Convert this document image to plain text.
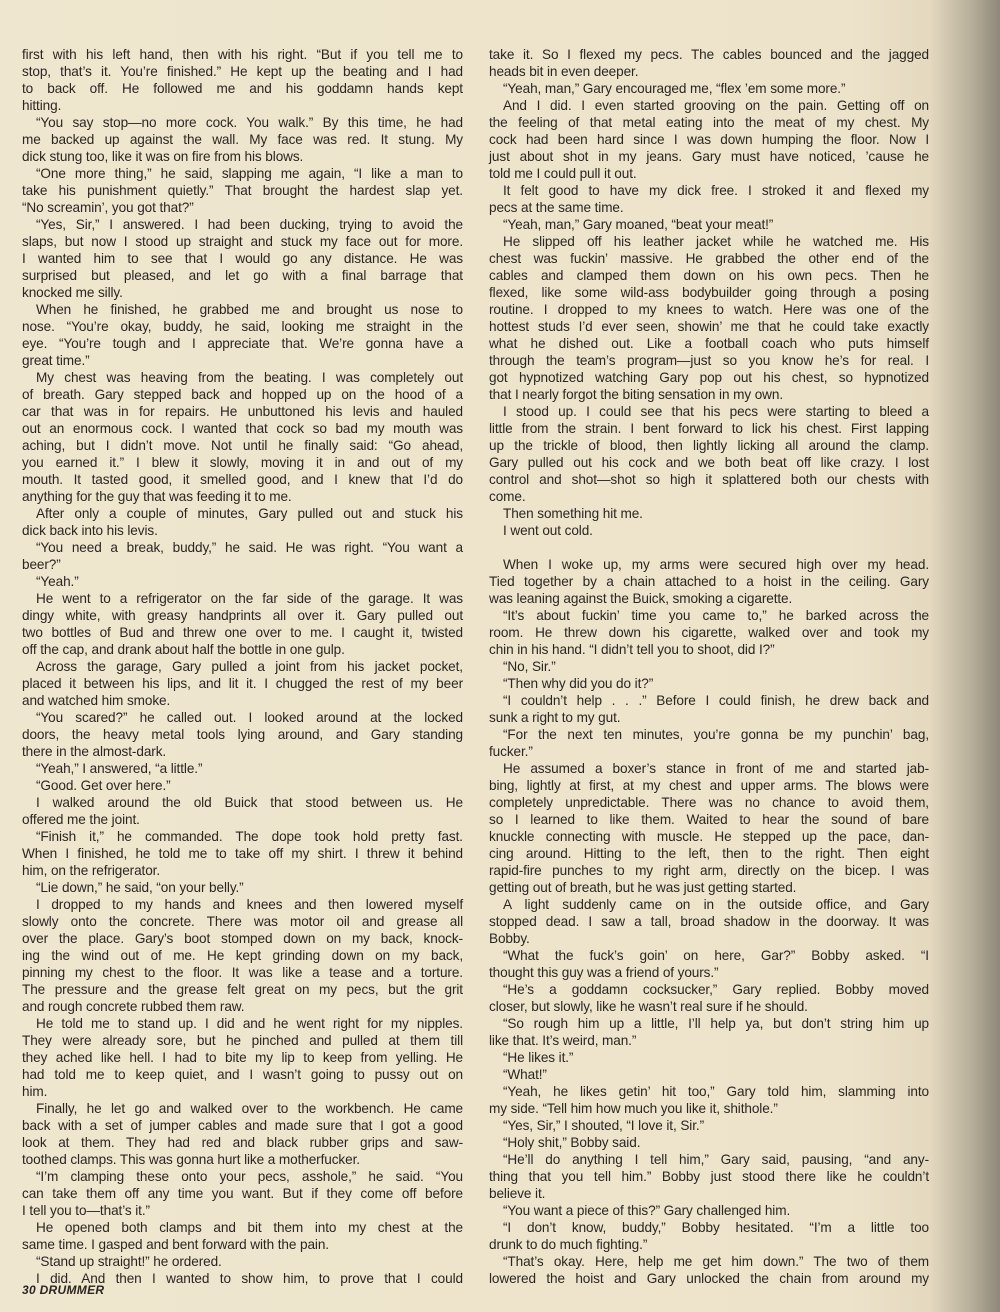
first with his left hand, then with his right. “But if you tell me to
stop, that’s it. You’re finished.” He kept up the beating and I had
to back off. He followed me and his goddamn hands kept
hitting.
“You say stop—no more cock. You walk.” By this time, he had
me backed up against the wall. My face was red. It stung. My
dick stung too, like it was on fire from his blows.
“One more thing,” he said, slapping me again, “I like a man to
take his punishment quietly.” That brought the hardest slap yet.
“No screamin’, you got that?”
“Yes, Sir,” I answered. I had been ducking, trying to avoid the
slaps, but now I stood up straight and stuck my face out for more.
I wanted him to see that I would go any distance. He was
surprised but pleased, and let go with a final barrage that
knocked me silly.
When he finished, he grabbed me and brought us nose to
nose. “You’re okay, buddy, he said, looking me straight in the
eye. “You’re tough and I appreciate that. We’re gonna have a
great time.”
My chest was heaving from the beating. I was completely out
of breath. Gary stepped back and hopped up on the hood of a
car that was in for repairs. He unbuttoned his levis and hauled
out an enormous cock. I wanted that cock so bad my mouth was
aching, but I didn’t move. Not until he finally said: “Go ahead,
you earned it.” I blew it slowly, moving it in and out of my
mouth. It tasted good, it smelled good, and I knew that I’d do
anything for the guy that was feeding it to me.
After only a couple of minutes, Gary pulled out and stuck his
dick back into his levis.
“You need a break, buddy,” he said. He was right. “You want a
beer?”
“Yeah.”
He went to a refrigerator on the far side of the garage. It was
dingy white, with greasy handprints all over it. Gary pulled out
two bottles of Bud and threw one over to me. I caught it, twisted
off the cap, and drank about half the bottle in one gulp.
Across the garage, Gary pulled a joint from his jacket pocket,
placed it between his lips, and lit it. I chugged the rest of my beer
and watched him smoke.
“You scared?” he called out. I looked around at the locked
doors, the heavy metal tools lying around, and Gary standing
there in the almost-dark.
“Yeah,” I answered, “a little.”
“Good. Get over here.”
I walked around the old Buick that stood between us. He
offered me the joint.
“Finish it,” he commanded. The dope took hold pretty fast.
When I finished, he told me to take off my shirt. I threw it behind
him, on the refrigerator.
“Lie down,” he said, “on your belly.”
I dropped to my hands and knees and then lowered myself
slowly onto the concrete. There was motor oil and grease all
over the place. Gary’s boot stomped down on my back, knock-
ing the wind out of me. He kept grinding down on my back,
pinning my chest to the floor. It was like a tease and a torture.
The pressure and the grease felt great on my pecs, but the grit
and rough concrete rubbed them raw.
He told me to stand up. I did and he went right for my nipples.
They were already sore, but he pinched and pulled at them till
they ached like hell. I had to bite my lip to keep from yelling. He
had told me to keep quiet, and I wasn’t going to pussy out on
him.
Finally, he let go and walked over to the workbench. He came
back with a set of jumper cables and made sure that I got a good
look at them. They had red and black rubber grips and saw-
toothed clamps. This was gonna hurt like a motherfucker.
“I’m clamping these onto your pecs, asshole,” he said. “You
can take them off any time you want. But if they come off before
I tell you to—that’s it.”
He opened both clamps and bit them into my chest at the
same time. I gasped and bent forward with the pain.
“Stand up straight!” he ordered.
I did. And then I wanted to show him, to prove that I could
take it. So I flexed my pecs. The cables bounced and the jagged
heads bit in even deeper.
“Yeah, man,” Gary encouraged me, “flex ’em some more.”
And I did. I even started grooving on the pain. Getting off on
the feeling of that metal eating into the meat of my chest. My
cock had been hard since I was down humping the floor. Now I
just about shot in my jeans. Gary must have noticed, ’cause he
told me I could pull it out.
It felt good to have my dick free. I stroked it and flexed my
pecs at the same time.
“Yeah, man,” Gary moaned, “beat your meat!”
He slipped off his leather jacket while he watched me. His
chest was fuckin’ massive. He grabbed the other end of the
cables and clamped them down on his own pecs. Then he
flexed, like some wild-ass bodybuilder going through a posing
routine. I dropped to my knees to watch. Here was one of the
hottest studs I’d ever seen, showin’ me that he could take exactly
what he dished out. Like a football coach who puts himself
through the team’s program—just so you know he’s for real. I
got hypnotized watching Gary pop out his chest, so hypnotized
that I nearly forgot the biting sensation in my own.
I stood up. I could see that his pecs were starting to bleed a
little from the strain. I bent forward to lick his chest. First lapping
up the trickle of blood, then lightly licking all around the clamp.
Gary pulled out his cock and we both beat off like crazy. I lost
control and shot—shot so high it splattered both our chests with
come.
Then something hit me.
I went out cold.
When I woke up, my arms were secured high over my head.
Tied together by a chain attached to a hoist in the ceiling. Gary
was leaning against the Buick, smoking a cigarette.
“It’s about fuckin’ time you came to,” he barked across the
room. He threw down his cigarette, walked over and took my
chin in his hand. “I didn’t tell you to shoot, did I?”
“No, Sir.”
“Then why did you do it?”
“I couldn’t help . . .” Before I could finish, he drew back and
sunk a right to my gut.
“For the next ten minutes, you’re gonna be my punchin’ bag,
fucker.”
He assumed a boxer’s stance in front of me and started jab-
bing, lightly at first, at my chest and upper arms. The blows were
completely unpredictable. There was no chance to avoid them,
so I learned to like them. Waited to hear the sound of bare
knuckle connecting with muscle. He stepped up the pace, dan-
cing around. Hitting to the left, then to the right. Then eight
rapid-fire punches to my right arm, directly on the bicep. I was
getting out of breath, but he was just getting started.
A light suddenly came on in the outside office, and Gary
stopped dead. I saw a tall, broad shadow in the doorway. It was
Bobby.
“What the fuck’s goin’ on here, Gar?” Bobby asked. “I
thought this guy was a friend of yours.”
“He’s a goddamn cocksucker,” Gary replied. Bobby moved
closer, but slowly, like he wasn’t real sure if he should.
“So rough him up a little, I’ll help ya, but don’t string him up
like that. It’s weird, man.”
“He likes it.”
“What!”
“Yeah, he likes getin’ hit too,” Gary told him, slamming into
my side. “Tell him how much you like it, shithole.”
“Yes, Sir,” I shouted, “I love it, Sir.”
“Holy shit,” Bobby said.
“He’ll do anything I tell him,” Gary said, pausing, “and any-
thing that you tell him.” Bobby just stood there like he couldn’t
believe it.
“You want a piece of this?” Gary challenged him.
“I don’t know, buddy,” Bobby hesitated. “I’m a little too
drunk to do much fighting.”
“That’s okay. Here, help me get him down.” The two of them
lowered the hoist and Gary unlocked the chain from around my
30 DRUMMER
